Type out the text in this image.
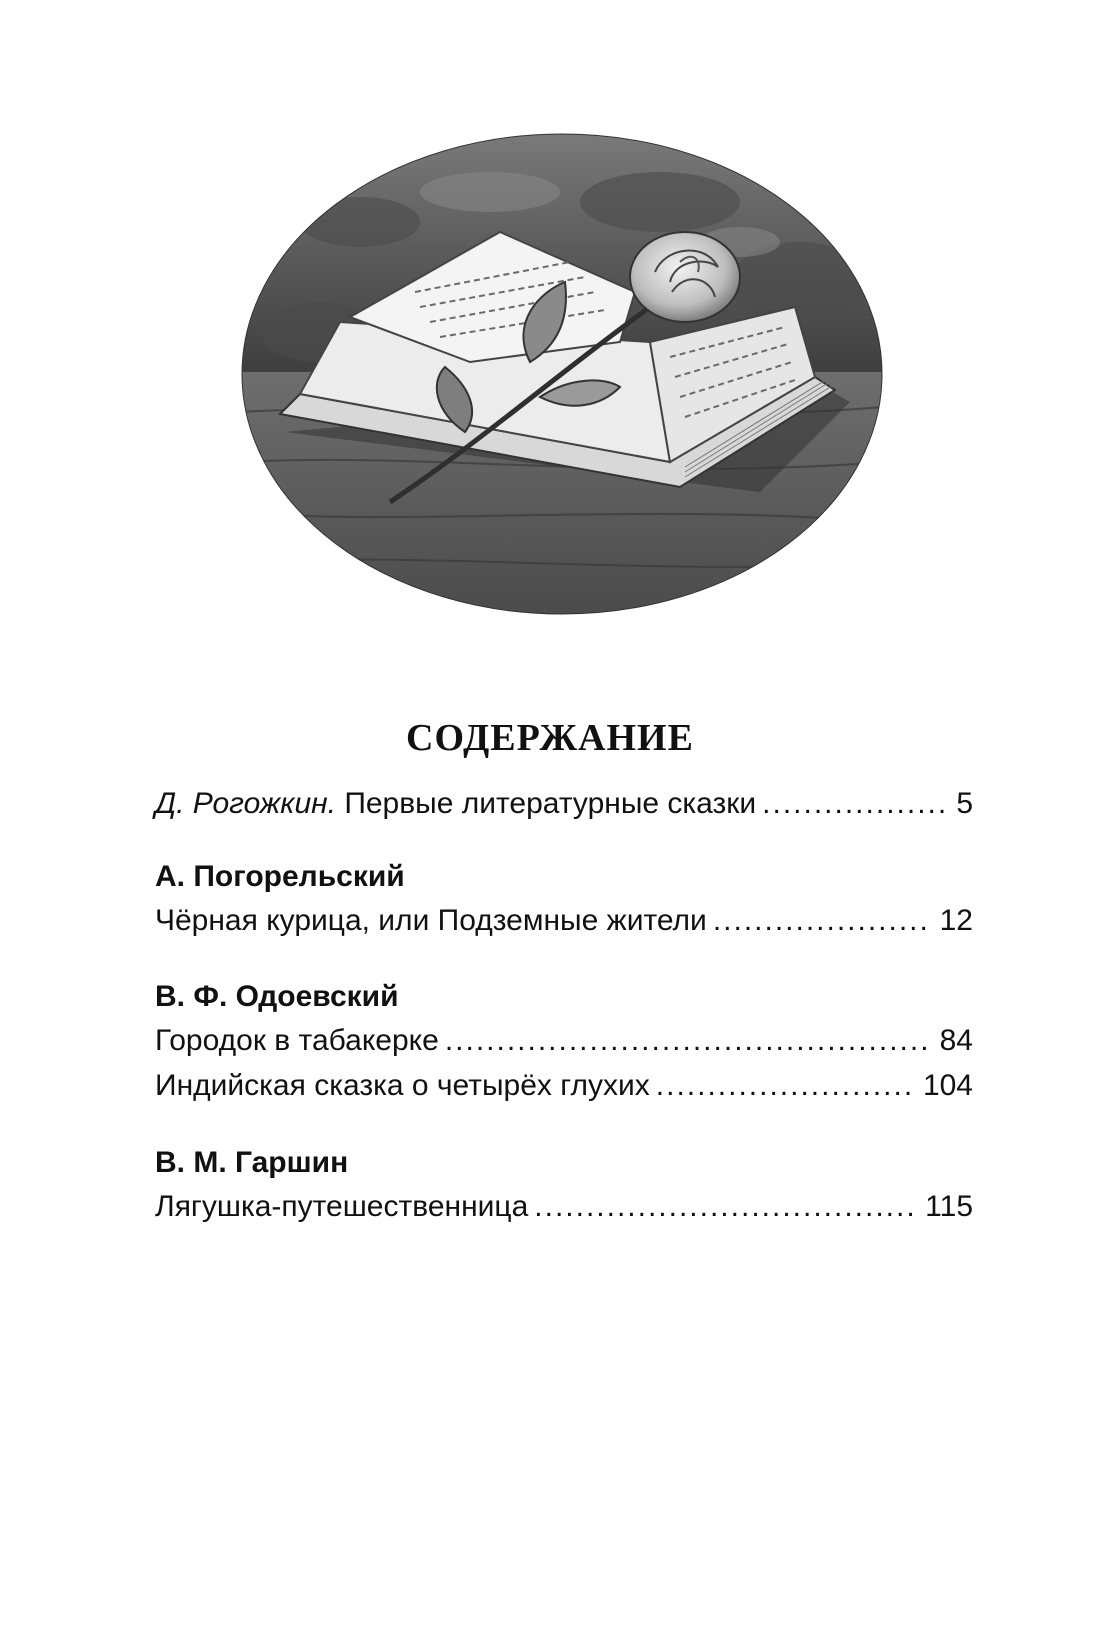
СОДЕРЖАНИЕ
Д. Рогожкин. Первые литературные сказки .....	5
А. Погорельский
Чёрная курица, или Подземные жители .....	12
В. Ф. Одоевский
Городок в табакерке .....	84
Индийская сказка о четырёх глухих .....	104
В. М. Гаршин
Лягушка-путешественница .....	115
